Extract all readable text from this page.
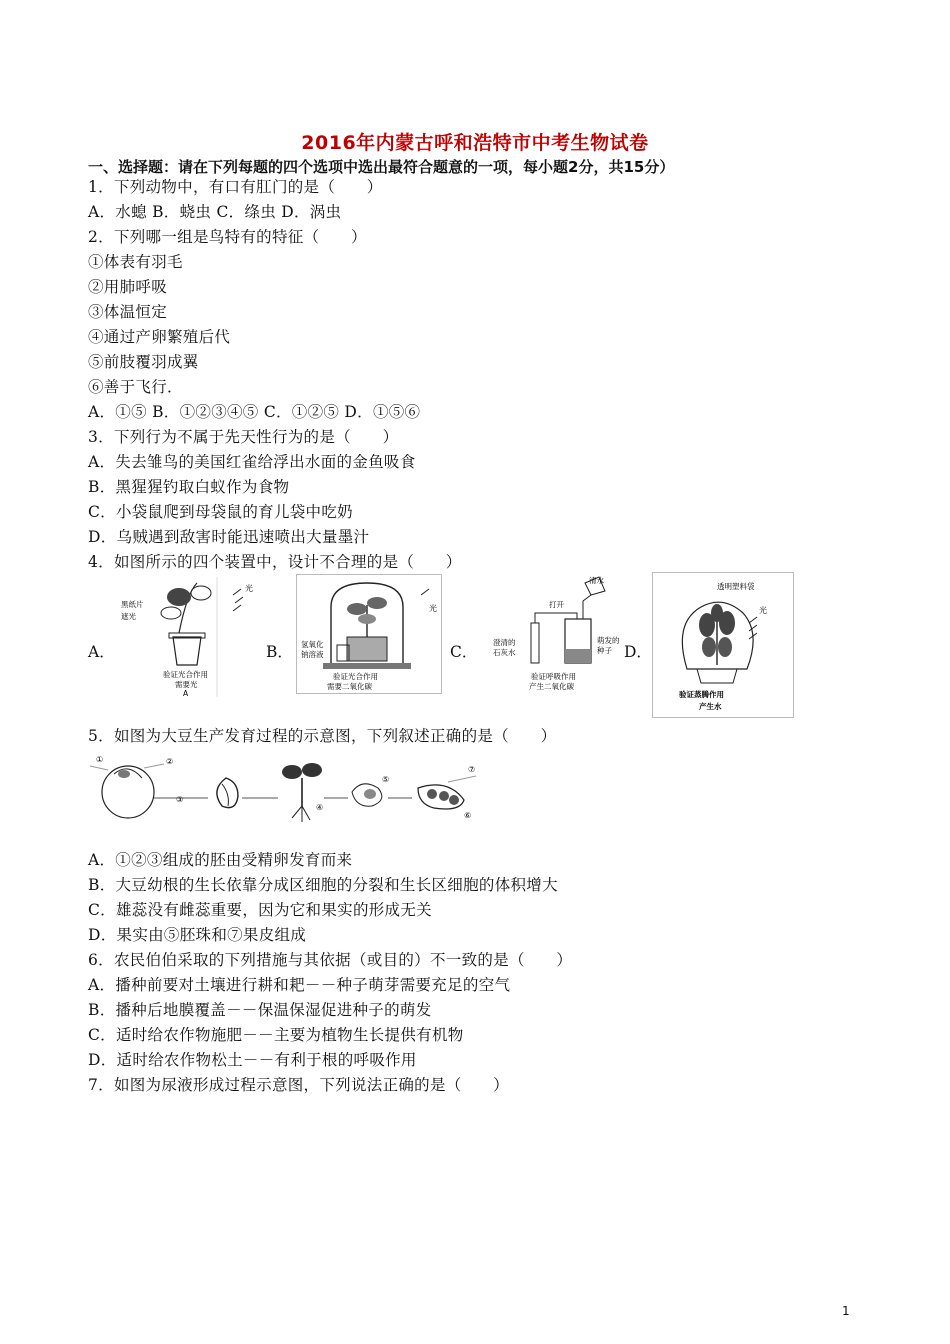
2016年内蒙古呼和浩特市中考生物试卷
一、选择题：请在下列每题的四个选项中选出最符合题意的一项，每小题2分，共15分）
1．下列动物中，有口有肛门的是（　　）
A．水螅 B．蛲虫 C．绦虫 D．涡虫
2．下列哪一组是鸟特有的特征（　　）
①体表有羽毛
②用肺呼吸
③体温恒定
④通过产卵繁殖后代
⑤前肢覆羽成翼
⑥善于飞行．
A．①⑤ B．①②③④⑤ C．①②⑤ D．①⑤⑥
3．下列行为不属于先天性行为的是（　　）
A．失去雏鸟的美国红雀给浮出水面的金鱼吸食
B．黑猩猩钓取白蚁作为食物
C．小袋鼠爬到母袋鼠的育儿袋中吃奶
D．乌贼遇到敌害时能迅速喷出大量墨汁
4．如图所示的四个装置中，设计不合理的是（　　）
A．
光
黑纸片
遮光
验证光合作用
需要光
A
B．
光
氢氧化
钠溶液
验证光合作用
需要二氧化碳
C．
清水
打开
澄清的
石灰水
萌发的
种子
验证呼吸作用
产生二氧化碳
D．
透明塑料袋
光
验证蒸腾作用
产生水
5．如图为大豆生产发育过程的示意图，下列叙述正确的是（　　）
①	②
③
④
⑤
⑥
⑦
A．①②③组成的胚由受精卵发育而来
B．大豆幼根的生长依靠分成区细胞的分裂和生长区细胞的体积增大
C．雄蕊没有雌蕊重要，因为它和果实的形成无关
D．果实由⑤胚珠和⑦果皮组成
6．农民伯伯采取的下列措施与其依据（或目的）不一致的是（　　）
A．播种前要对土壤进行耕和耙－－种子萌芽需要充足的空气
B．播种后地膜覆盖－－保温保湿促进种子的萌发
C．适时给农作物施肥－－主要为植物生长提供有机物
D．适时给农作物松土－－有利于根的呼吸作用
7．如图为尿液形成过程示意图，下列说法正确的是（　　）
1
